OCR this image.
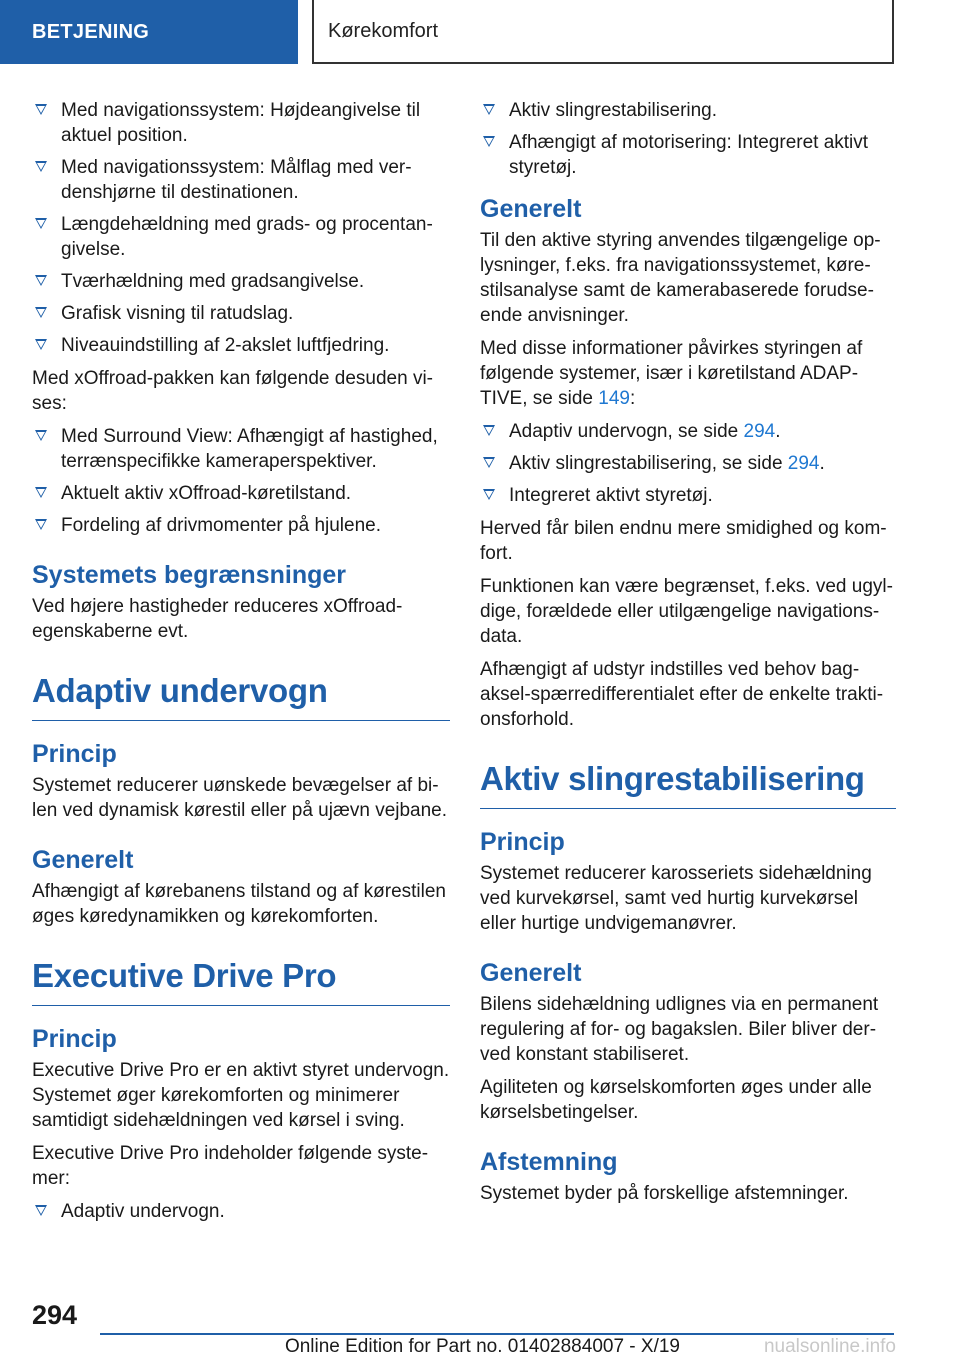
BETJENING	Kørekomfort
Med navigationssystem: Højdeangivelse til aktuel position.
Med navigationssystem: Målflag med ver-denshjørne til destinationen.
Længdehældning med grads- og procentan-givelse.
Tværhældning med gradsangivelse.
Grafisk visning til ratudslag.
Niveauindstilling af 2-akslet luftfjedring.

Med xOffroad-pakken kan følgende desuden vi-ses:

Med Surround View: Afhængigt af hastighed, terrænspecifikke kameraperspektiver.
Aktuelt aktiv xOffroad-køretilstand.
Fordeling af drivmomenter på hjulene.
Systemets begrænsninger

Ved højere hastigheder reduceres xOffroad-egenskaberne evt.

Adaptiv undervogn
Princip

Systemet reducerer uønskede bevægelser af bi-len ved dynamisk kørestil eller på ujævn vejbane.

Generelt

Afhængigt af kørebanens tilstand og af kørestilen øges køredynamikken og kørekomforten.

Executive Drive Pro
Princip

Executive Drive Pro er en aktivt styret undervogn. Systemet øger kørekomforten og minimerer samtidigt sidehældningen ved kørsel i sving.

Executive Drive Pro indeholder følgende syste-mer:

Adaptiv undervogn.
Aktiv slingrestabilisering.
Afhængigt af motorisering: Integreret aktivt styretøj.
Generelt

Til den aktive styring anvendes tilgængelige op-lysninger, f.eks. fra navigationssystemet, køre-stilsanalyse samt de kamerabaserede forudse-ende anvisninger.

Med disse informationer påvirkes styringen af følgende systemer, især i køretilstand ADAP-TIVE, se side 149:

Adaptiv undervogn, se side 294.
Aktiv slingrestabilisering, se side 294.
Integreret aktivt styretøj.

Herved får bilen endnu mere smidighed og kom-fort.

Funktionen kan være begrænset, f.eks. ved ugyl-dige, forældede eller utilgængelige navigations-data.

Afhængigt af udstyr indstilles ved behov bag-aksel-spærredifferentialet efter de enkelte trakti-onsforhold.

Aktiv slingrestabilisering
Princip

Systemet reducerer karosseriets sidehældning ved kurvekørsel, samt ved hurtig kurvekørsel eller hurtige undvigemanøvrer.

Generelt

Bilens sidehældning udlignes via en permanent regulering af for- og bagakslen. Biler bliver der-ved konstant stabiliseret.

Agiliteten og kørselskomforten øges under alle kørselsbetingelser.

Afstemning

Systemet byder på forskellige afstemninger.

294
Online Edition for Part no. 01402884007 - X/19	nualsonline.info
